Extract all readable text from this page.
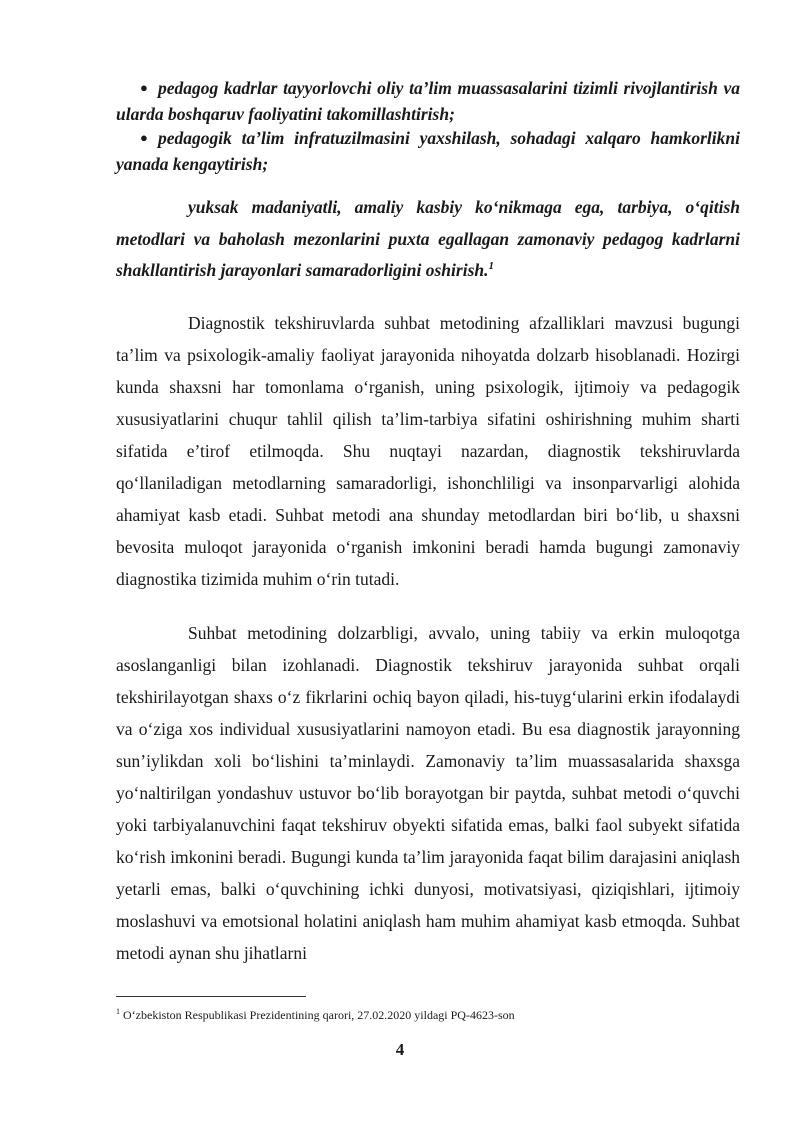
●pedagog kadrlar tayyorlovchi oliy ta’lim muassasalarini tizimli rivojlantirish va ularda boshqaruv faoliyatini takomillashtirish;
●pedagogik ta’lim infratuzilmasini yaxshilash, sohadagi xalqaro hamkorlikni yanada kengaytirish;
yuksak madaniyatli, amaliy kasbiy ko‘nikmaga ega, tarbiya, o‘qitish metodlari va baholash mezonlarini puxta egallagan zamonaviy pedagog kadrlarni shakllantirish jarayonlari samaradorligini oshirish.$^1$
Diagnostik tekshiruvlarda suhbat metodining afzalliklari mavzusi bugungi ta’lim va psixologik-amaliy faoliyat jarayonida nihoyatda dolzarb hisoblanadi. Hozirgi kunda shaxsni har tomonlama o‘rganish, uning psixologik, ijtimoiy va pedagogik xususiyatlarini chuqur tahlil qilish ta’lim-tarbiya sifatini oshirishning muhim sharti sifatida e’tirof etilmoqda. Shu nuqtayi nazardan, diagnostik tekshiruvlarda qo‘llaniladigan metodlarning samaradorligi, ishonchliligi va insonparvarligi alohida ahamiyat kasb etadi. Suhbat metodi ana shunday metodlardan biri bo‘lib, u shaxsni bevosita muloqot jarayonida o‘rganish imkonini beradi hamda bugungi zamonaviy diagnostika tizimida muhim o‘rin tutadi.
Suhbat metodining dolzarbligi, avvalo, uning tabiiy va erkin muloqotga asoslanganligi bilan izohlanadi. Diagnostik tekshiruv jarayonida suhbat orqali tekshirilayotgan shaxs o‘z fikrlarini ochiq bayon qiladi, his-tuyg‘ularini erkin ifodalaydi va o‘ziga xos individual xususiyatlarini namoyon etadi. Bu esa diagnostik jarayonning sun’iylikdan xoli bo‘lishini ta’minlaydi. Zamonaviy ta’lim muassasalarida shaxsga yo‘naltirilgan yondashuv ustuvor bo‘lib borayotgan bir paytda, suhbat metodi o‘quvchi yoki tarbiyalanuvchini faqat tekshiruv obyekti sifatida emas, balki faol subyekt sifatida ko‘rish imkonini beradi. Bugungi kunda ta’lim jarayonida faqat bilim darajasini aniqlash yetarli emas, balki o‘quvchining ichki dunyosi, motivatsiyasi, qiziqishlari, ijtimoiy moslashuvi va emotsional holatini aniqlash ham muhim ahamiyat kasb etmoqda. Suhbat metodi aynan shu jihatlarni
$^1$ O‘zbekiston Respublikasi Prezidentining qarori, 27.02.2020 yildagi PQ-4623-son
4
